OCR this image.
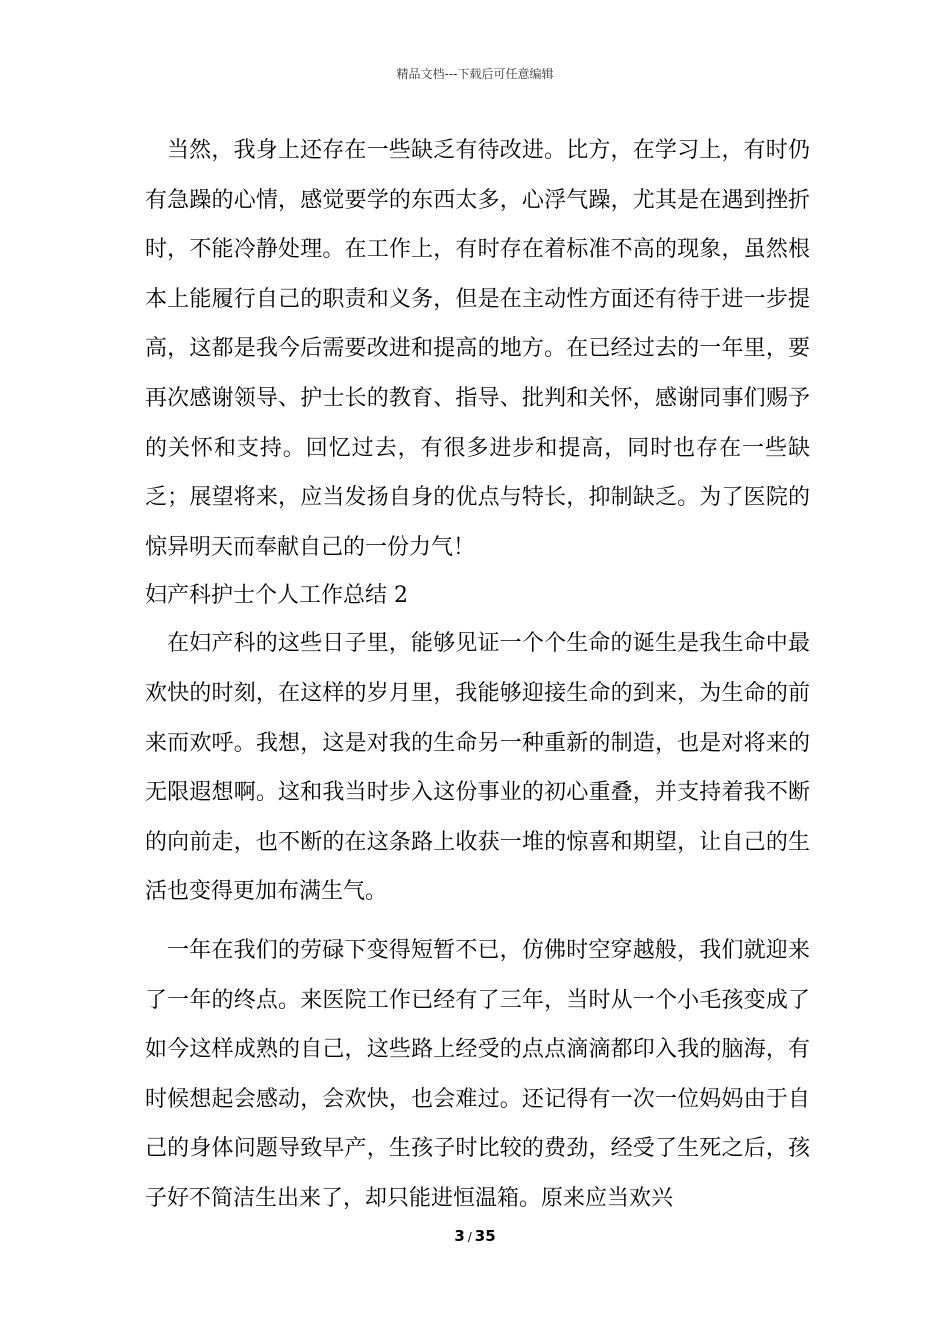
精品文档---下载后可任意编辑

当然，我身上还存在一些缺乏有待改进。比方，在学习上，有时仍有急躁的心情，感觉要学的东西太多，心浮气躁，尤其是在遇到挫折时，不能冷静处理。在工作上，有时存在着标准不高的现象，虽然根本上能履行自己的职责和义务，但是在主动性方面还有待于进一步提高，这都是我今后需要改进和提高的地方。在已经过去的一年里，要再次感谢领导、护士长的教育、指导、批判和关怀，感谢同事们赐予的关怀和支持。回忆过去，有很多进步和提高，同时也存在一些缺乏；展望将来，应当发扬自身的优点与特长，抑制缺乏。为了医院的惊异明天而奉献自己的一份力气！

妇产科护士个人工作总结 2

在妇产科的这些日子里，能够见证一个个生命的诞生是我生命中最欢快的时刻，在这样的岁月里，我能够迎接生命的到来，为生命的前来而欢呼。我想，这是对我的生命另一种重新的制造，也是对将来的无限遐想啊。这和我当时步入这份事业的初心重叠，并支持着我不断的向前走，也不断的在这条路上收获一堆的惊喜和期望，让自己的生活也变得更加布满生气。

一年在我们的劳碌下变得短暂不已，仿佛时空穿越般，我们就迎来了一年的终点。来医院工作已经有了三年，当时从一个小毛孩变成了如今这样成熟的自己，这些路上经受的点点滴滴都印入我的脑海，有时候想起会感动，会欢快，也会难过。还记得有一次一位妈妈由于自己的身体问题导致早产，生孩子时比较的费劲，经受了生死之后，孩子好不简洁生出来了，却只能进恒温箱。原来应当欢兴

3 / 35
